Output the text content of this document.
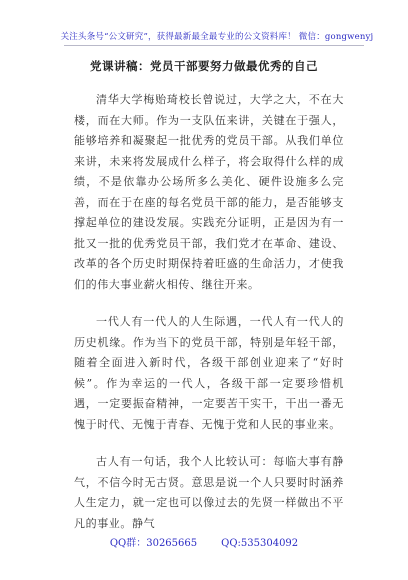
关注头条号“公文研究”，获得最新最全最专业的公文资料库！ 微信：gongwenyj
党课讲稿：党员干部要努力做最优秀的自己

清华大学梅贻琦校长曾说过，大学之大，不在大楼，而在大师。作为一支队伍来讲，关键在于强人，能够培养和凝聚起一批优秀的党员干部。从我们单位来讲，未来将发展成什么样子，将会取得什么样的成绩，不是依靠办公场所多么美化、硬件设施多么完善，而在于在座的每名党员干部的能力，是否能够支撑起单位的建设发展。实践充分证明，正是因为有一批又一批的优秀党员干部，我们党才在革命、建设、改革的各个历史时期保持着旺盛的生命活力，才使我们的伟大事业薪火相传、继往开来。

一代人有一代人的人生际遇，一代人有一代人的历史机缘。作为当下的党员干部，特别是年轻干部，随着全面进入新时代，各级干部创业迎来了“好时候”。作为幸运的一代人，各级干部一定要珍惜机遇，一定要振奋精神，一定要苦干实干，干出一番无愧于时代、无愧于青春、无愧于党和人民的事业来。

古人有一句话，我个人比较认可：每临大事有静气，不信今时无古贤。意思是说一个人只要时时涵养人生定力，就一定也可以像过去的先贤一样做出不平凡的事业。静气

QQ群：30265665 QQ:535304092
